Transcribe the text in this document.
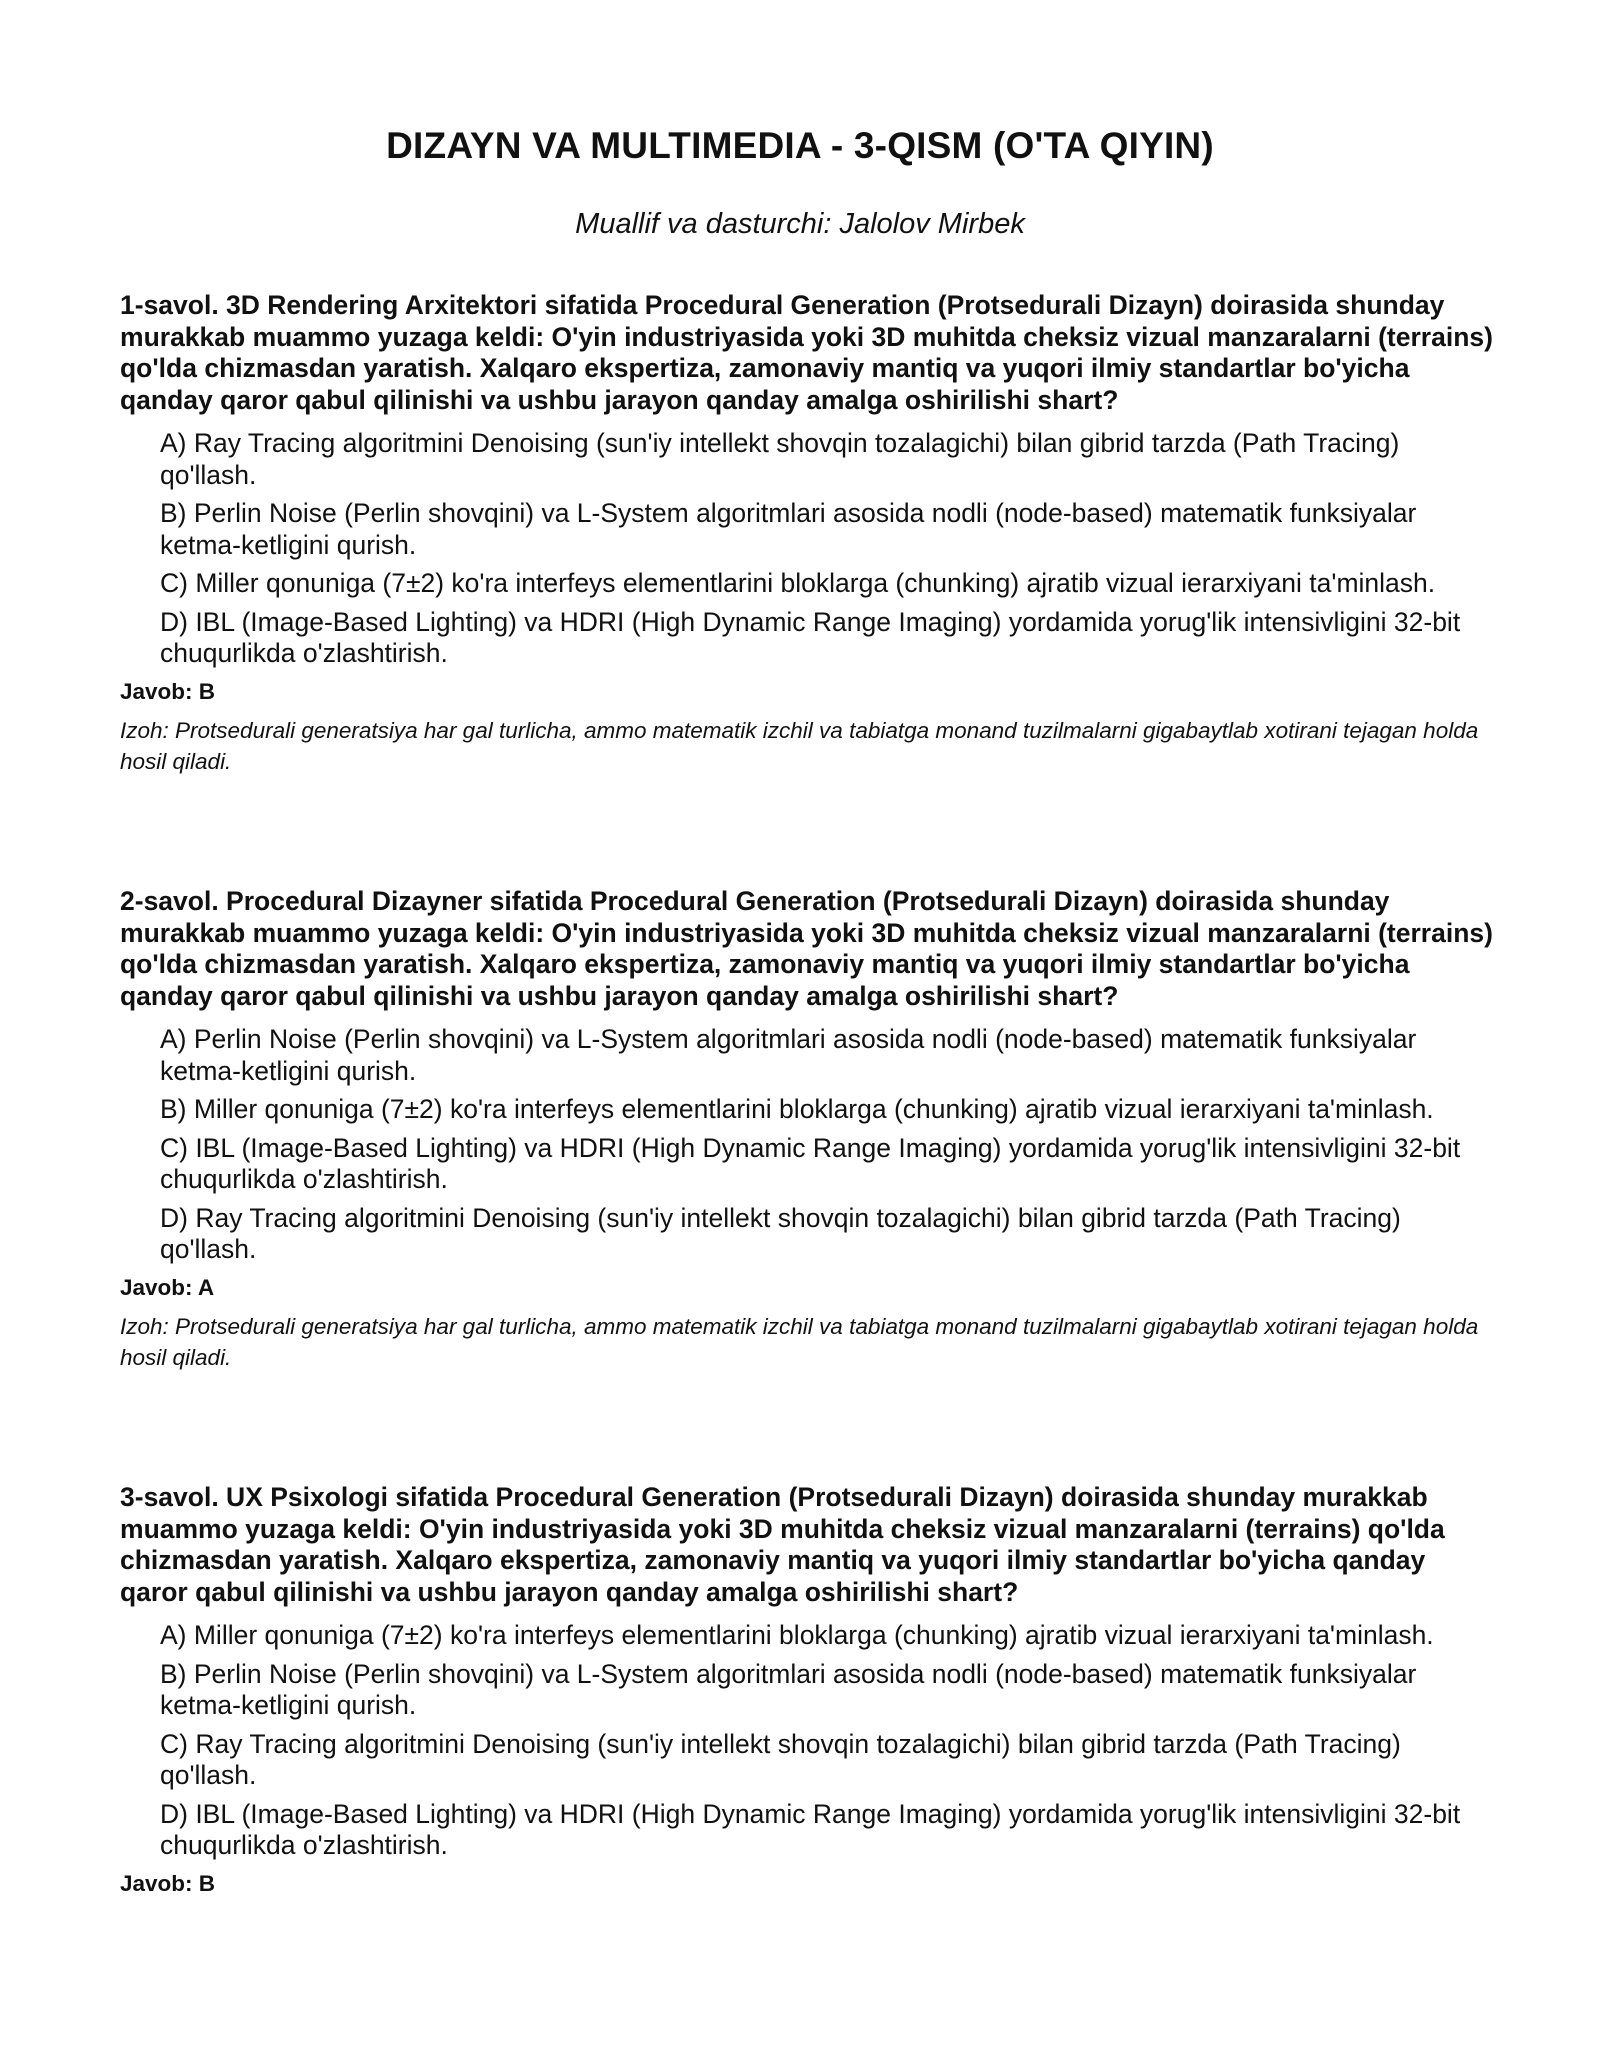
DIZAYN VA MULTIMEDIA - 3-QISM (O'TA QIYIN)

Muallif va dasturchi: Jalolov Mirbek

1-savol. 3D Rendering Arxitektori sifatida Procedural Generation (Protsedurali Dizayn) doirasida shunday murakkab muammo yuzaga keldi: O'yin industriyasida yoki 3D muhitda cheksiz vizual manzaralarni (terrains) qo'lda chizmasdan yaratish. Xalqaro ekspertiza, zamonaviy mantiq va yuqori ilmiy standartlar bo'yicha qanday qaror qabul qilinishi va ushbu jarayon qanday amalga oshirilishi shart?

A) Ray Tracing algoritmini Denoising (sun'iy intellekt shovqin tozalagichi) bilan gibrid tarzda (Path Tracing) qo'llash.

B) Perlin Noise (Perlin shovqini) va L-System algoritmlari asosida nodli (node-based) matematik funksiyalar ketma-ketligini qurish.

C) Miller qonuniga (7±2) ko'ra interfeys elementlarini bloklarga (chunking) ajratib vizual ierarxiyani ta'minlash.

D) IBL (Image-Based Lighting) va HDRI (High Dynamic Range Imaging) yordamida yorug'lik intensivligini 32-bit chuqurlikda o'zlashtirish.

Javob: B

Izoh: Protsedurali generatsiya har gal turlicha, ammo matematik izchil va tabiatga monand tuzilmalarni gigabaytlab xotirani tejagan holda hosil qiladi.

2-savol. Procedural Dizayner sifatida Procedural Generation (Protsedurali Dizayn) doirasida shunday murakkab muammo yuzaga keldi: O'yin industriyasida yoki 3D muhitda cheksiz vizual manzaralarni (terrains) qo'lda chizmasdan yaratish. Xalqaro ekspertiza, zamonaviy mantiq va yuqori ilmiy standartlar bo'yicha qanday qaror qabul qilinishi va ushbu jarayon qanday amalga oshirilishi shart?

A) Perlin Noise (Perlin shovqini) va L-System algoritmlari asosida nodli (node-based) matematik funksiyalar ketma-ketligini qurish.

B) Miller qonuniga (7±2) ko'ra interfeys elementlarini bloklarga (chunking) ajratib vizual ierarxiyani ta'minlash.

C) IBL (Image-Based Lighting) va HDRI (High Dynamic Range Imaging) yordamida yorug'lik intensivligini 32-bit chuqurlikda o'zlashtirish.

D) Ray Tracing algoritmini Denoising (sun'iy intellekt shovqin tozalagichi) bilan gibrid tarzda (Path Tracing) qo'llash.

Javob: A

Izoh: Protsedurali generatsiya har gal turlicha, ammo matematik izchil va tabiatga monand tuzilmalarni gigabaytlab xotirani tejagan holda hosil qiladi.

3-savol. UX Psixologi sifatida Procedural Generation (Protsedurali Dizayn) doirasida shunday murakkab muammo yuzaga keldi: O'yin industriyasida yoki 3D muhitda cheksiz vizual manzaralarni (terrains) qo'lda chizmasdan yaratish. Xalqaro ekspertiza, zamonaviy mantiq va yuqori ilmiy standartlar bo'yicha qanday qaror qabul qilinishi va ushbu jarayon qanday amalga oshirilishi shart?

A) Miller qonuniga (7±2) ko'ra interfeys elementlarini bloklarga (chunking) ajratib vizual ierarxiyani ta'minlash.

B) Perlin Noise (Perlin shovqini) va L-System algoritmlari asosida nodli (node-based) matematik funksiyalar ketma-ketligini qurish.

C) Ray Tracing algoritmini Denoising (sun'iy intellekt shovqin tozalagichi) bilan gibrid tarzda (Path Tracing) qo'llash.

D) IBL (Image-Based Lighting) va HDRI (High Dynamic Range Imaging) yordamida yorug'lik intensivligini 32-bit chuqurlikda o'zlashtirish.

Javob: B
